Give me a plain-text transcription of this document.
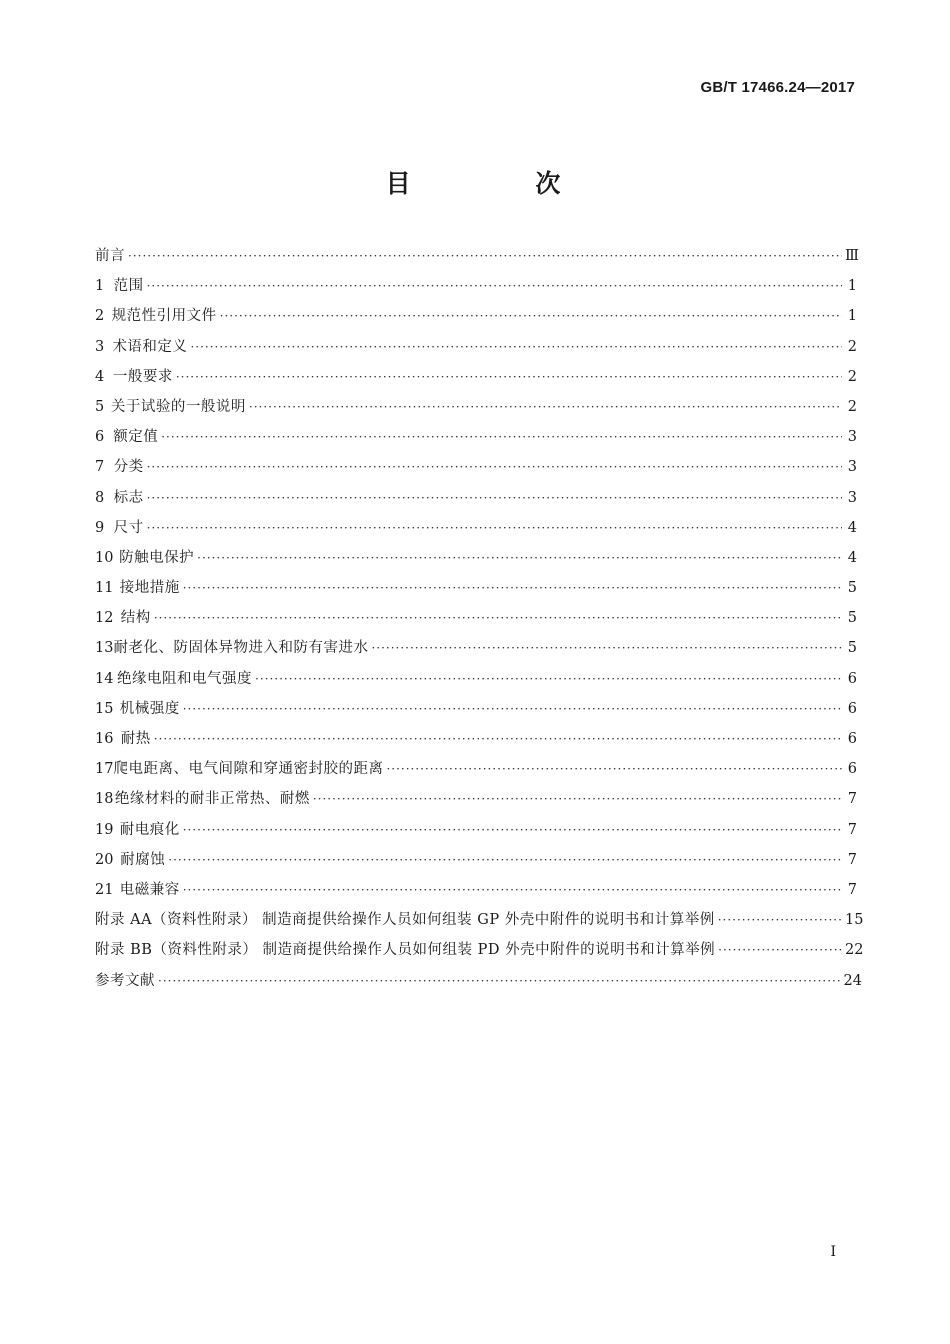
GB/T 17466.24—2017
目 次
前言 ·····	Ⅲ
1 范围 ·····	1
2 规范性引用文件 ·····	1
3 术语和定义 ·····	2
4 一般要求 ·····	2
5 关于试验的一般说明 ·····	2
6 额定值 ·····	3
7 分类 ·····	3
8 标志 ·····	3
9 尺寸 ·····	4
10 防触电保护 ·····	4
11 接地措施 ·····	5
12 结构 ·····	5
13 耐老化、防固体异物进入和防有害进水 ·····	5
14 绝缘电阻和电气强度 ·····	6
15 机械强度 ·····	6
16 耐热 ·····	6
17 爬电距离、电气间隙和穿通密封胶的距离 ·····	6
18 绝缘材料的耐非正常热、耐燃 ·····	7
19 耐电痕化 ·····	7
20 耐腐蚀 ·····	7
21 电磁兼容 ·····	7
附录 AA（资料性附录） 制造商提供给操作人员如何组装 GP 外壳中附件的说明书和计算举例 ·····	15
附录 BB（资料性附录） 制造商提供给操作人员如何组装 PD 外壳中附件的说明书和计算举例 ·····	22
参考文献 ·····	24
I
